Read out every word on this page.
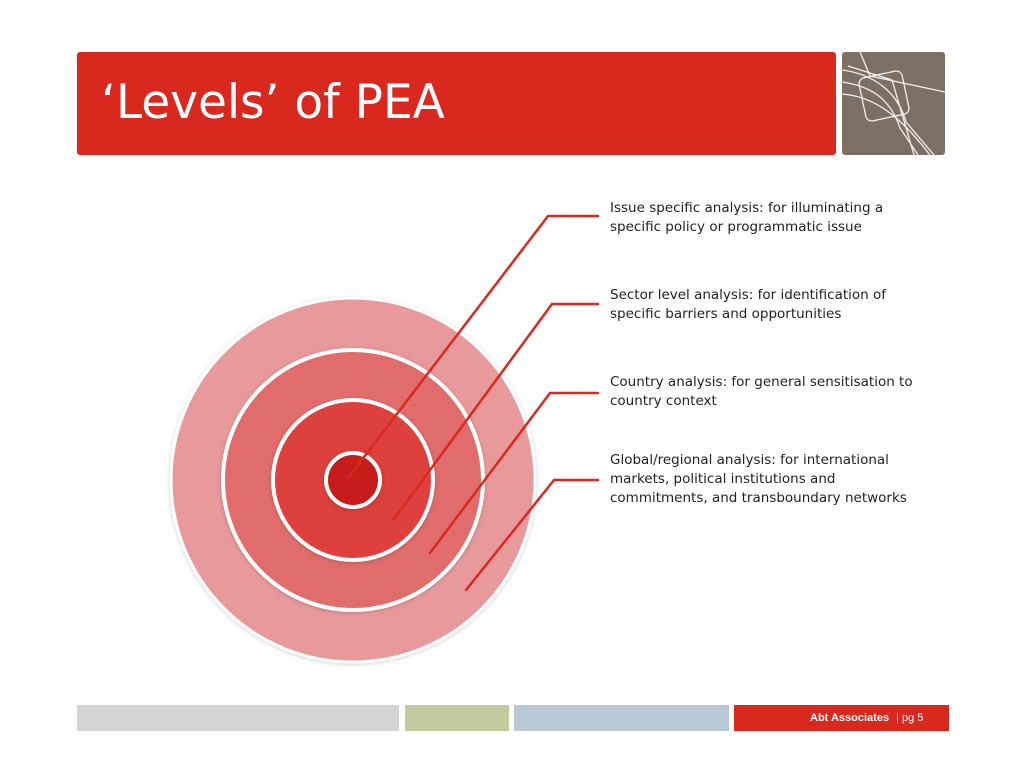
‘Levels’ of PEA

Issue specific analysis: for illuminating a specific policy or programmatic issue

Sector level analysis: for identification of specific barriers and opportunities

Country analysis: for general sensitisation to country context

Global/regional analysis: for international markets, political institutions and commitments, and transboundary networks

Abt Associates | pg 5
